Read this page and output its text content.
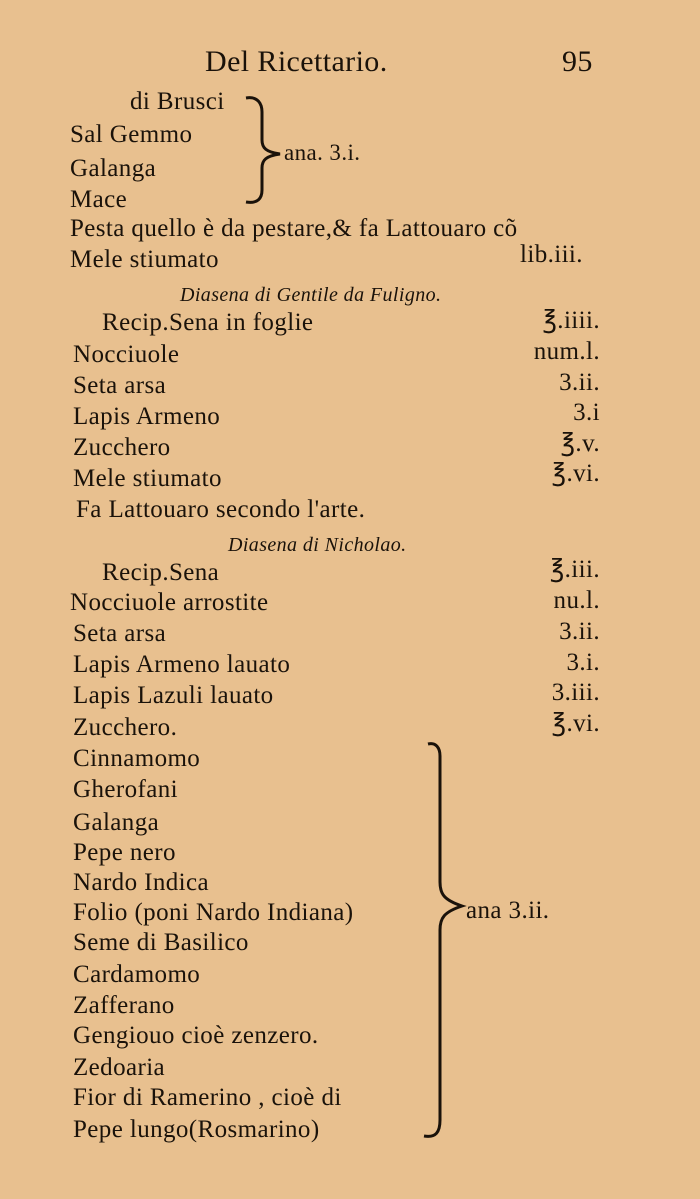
Del Ricettario.	95
di Brusci
Sal Gemmo
Galanga
Mace
ana. 3.i.
Pesta quello è da pestare,& fa Lattouaro cõ
Mele stiumato	lib.iii.
Diasena di Gentile da Fuligno.
Recip.Sena in foglie	℥.iiii.
Nocciuole	num.l.
Seta arsa	3.ii.
Lapis Armeno	3.i
Zucchero	℥.v.
Mele stiumato	℥.vi.
Fa Lattouaro secondo l'arte.
Diasena di Nicholao.
Recip.Sena	℥.iii.
Nocciuole arrostite	nu.l.
Seta arsa	3.ii.
Lapis Armeno lauato	3.i.
Lapis Lazuli lauato	3.iii.
Zucchero.	℥.vi.
Cinnamomo
Gherofani
Galanga
Pepe nero
Nardo Indica
Folio (poni Nardo Indiana)
Seme di Basilico
Cardamomo
Zafferano
Gengiouo cioè zenzero.
Zedoaria
Fior di Ramerino , cioè di
Pepe lungo(Rosmarino)
ana 3.ii.
